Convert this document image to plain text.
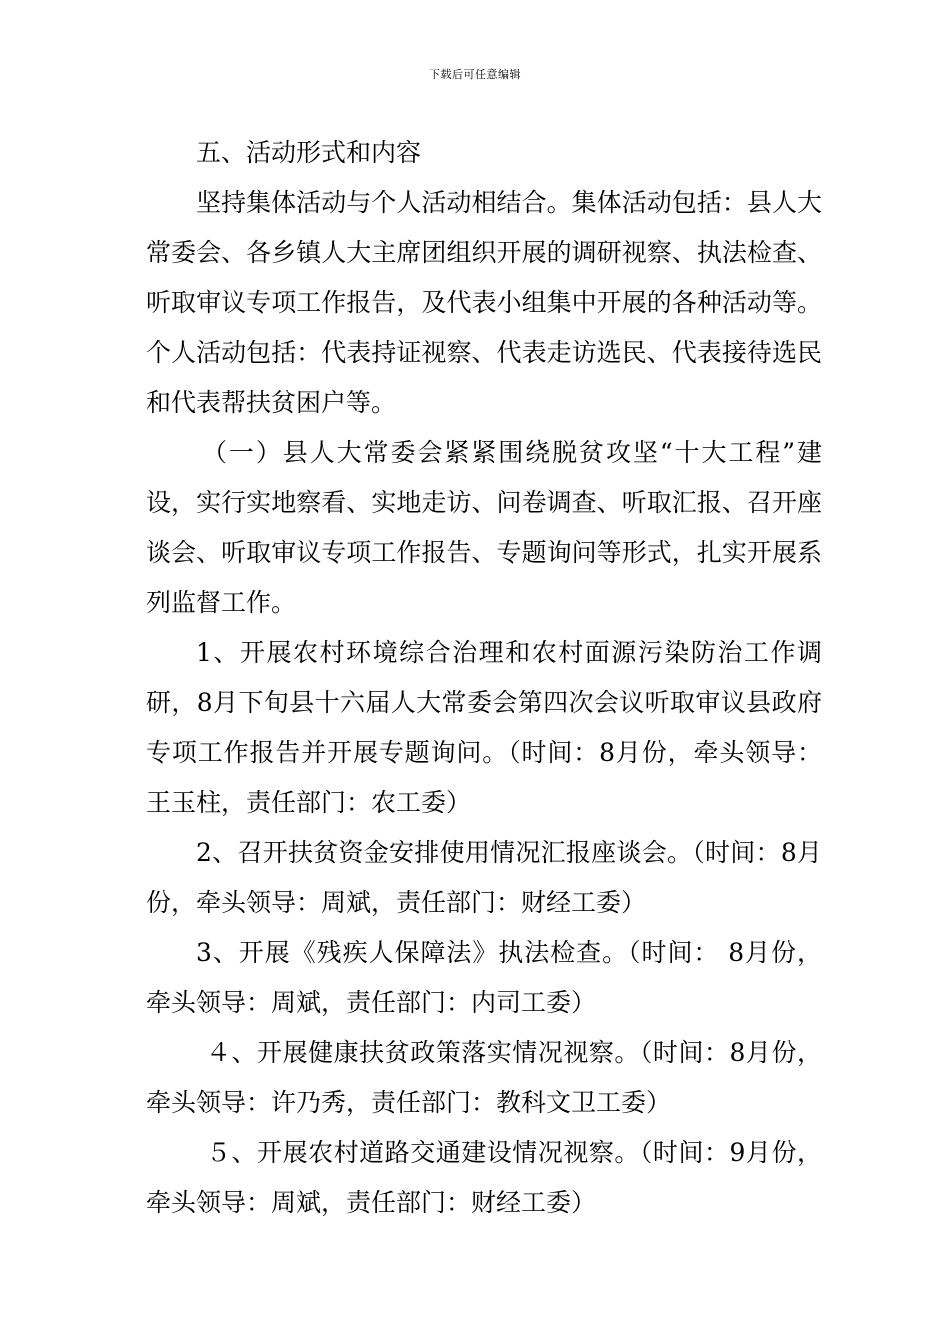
下载后可任意编辑

五、活动形式和内容

坚持集体活动与个人活动相结合。集体活动包括：县人大常委会、各乡镇人大主席团组织开展的调研视察、执法检查、听取审议专项工作报告，及代表小组集中开展的各种活动等。个人活动包括：代表持证视察、代表走访选民、代表接待选民和代表帮扶贫困户等。

（一）县人大常委会紧紧围绕脱贫攻坚“十大工程”建设，实行实地察看、实地走访、问卷调查、听取汇报、召开座谈会、听取审议专项工作报告、专题询问等形式，扎实开展系列监督工作。

1、开展农村环境综合治理和农村面源污染防治工作调研，8月下旬县十六届人大常委会第四次会议听取审议县政府专项工作报告并开展专题询问。（时间：8月份，牵头领导：王玉柱，责任部门：农工委）

2、召开扶贫资金安排使用情况汇报座谈会。（时间：8月份，牵头领导：周斌，责任部门：财经工委）

3、开展《残疾人保障法》执法检查。（时间： 8月份，牵头领导：周斌，责任部门：内司工委）

４、开展健康扶贫政策落实情况视察。（时间：8月份，牵头领导：许乃秀，责任部门：教科文卫工委）

５、开展农村道路交通建设情况视察。（时间：9月份，牵头领导：周斌，责任部门：财经工委）
